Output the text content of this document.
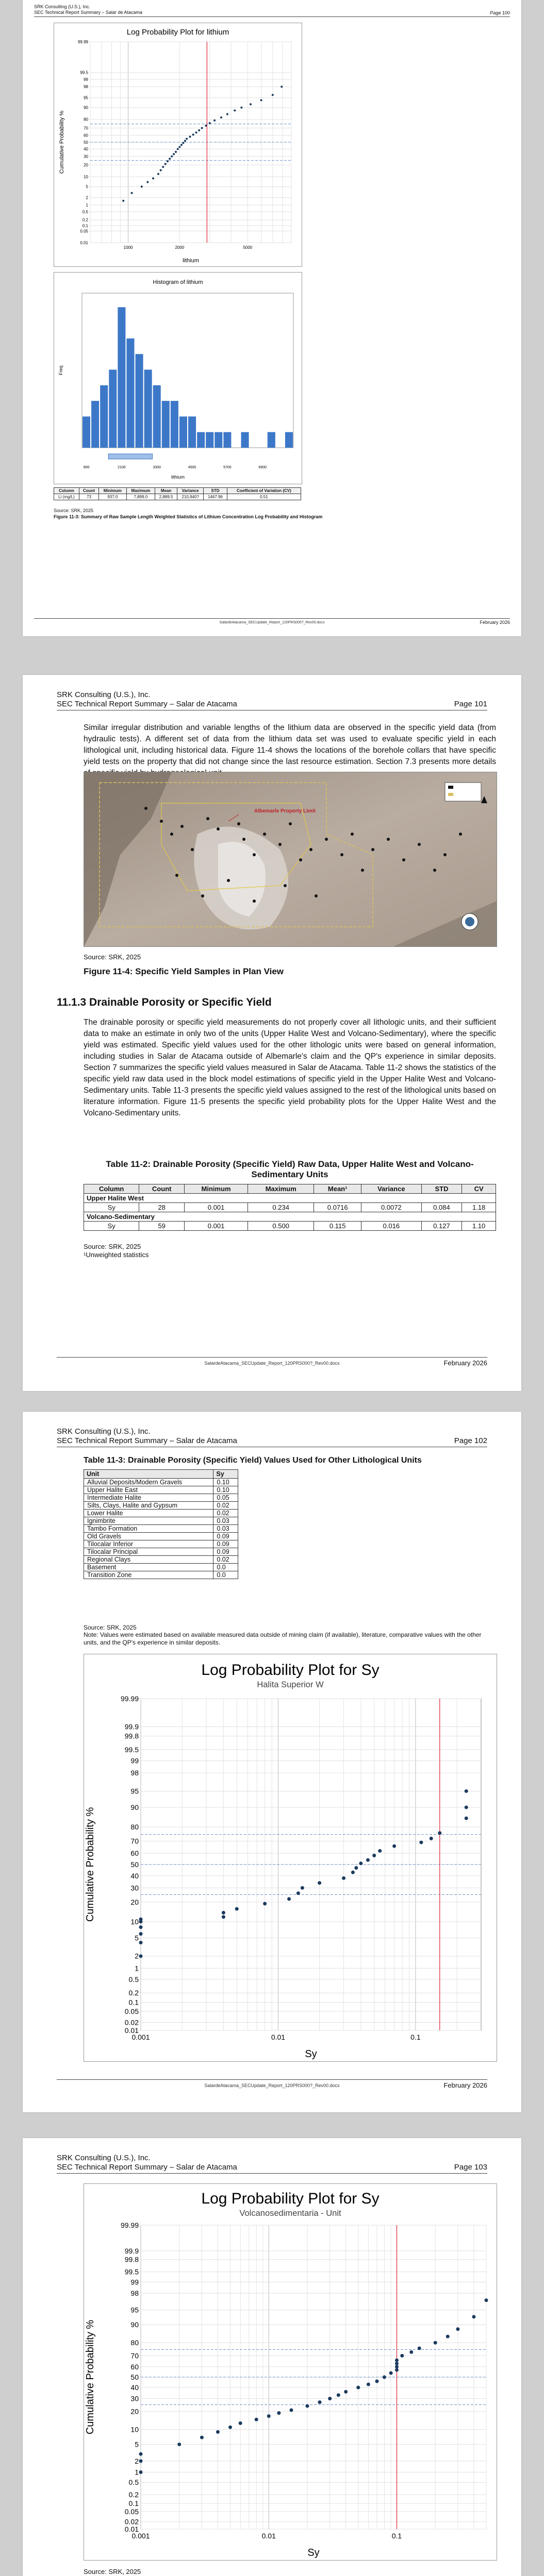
SRK Consulting (U.S.), Inc.
SEC Technical Report Summary – Salar de Atacama	Page 100
Log Probability Plot for lithium
99.99
99.5
99
98
95
90
80
70
60
50
40
30
20
10
5
2
1
0.5
0.2
0.1
0.05
0.01
1000	2000	5000
lithium
Cumulative Probability %
Histogram of lithium
900	2100	3300	4500	5700	6900
lithium
Freq
Column	Count	Minimum	Maximum	Mean	Variance	STD	Coefficient of Variation (CV)
Li (mg/L)	73	937.0	7,899.0	2,889.5	210,940?	1467.96	0.51
Source: SRK, 2025
Figure 11-3: Summary of Raw Sample Length Weighted Statistics of Lithium Concentration Log Probability and Histogram
SalardeAtacama_SECUpdate_Report_120PRS000?_Rev00.docx	February 2026
SRK Consulting (U.S.), Inc.
SEC Technical Report Summary – Salar de Atacama	Page 101
Similar irregular distribution and variable lengths of the lithium data are observed in the specific yield data (from hydraulic tests). A different set of data from the lithium data set was used to evaluate specific yield in each lithological unit, including historical data. Figure 11-4 shows the locations of the borehole collars that have specific yield tests on the property that did not change since the last resource estimation. Section 7.3 presents more details
Albemarle Property Limit
Source: SRK, 2025
Figure 11-4: Specific Yield Samples in Plan View
11.1.3 Drainable Porosity or Specific Yield
The drainable porosity or specific yield measurements do not properly cover all lithologic units, and their sufficient data to make an estimate in only two of the units (Upper Halite West and Volcano-Sedimentary), where the specific yield was estimated. Specific yield values used for the other lithologic units were based on general information, including studies in Salar de Atacama outside of Albemarle's claim and the QP's experience in similar deposits. Section 7 summarizes the specific yield values measured in Salar de Atacama. Table 11-2 shows the statistics of the specific yield raw data used in the block model estimations of specific yield in the Upper Halite West and Volcano-Sedimentary units. Table 11-3 presents the specific yield values assigned to the rest of the lithological units based on literature information. Figure 11-5 presents the specific yield probability plots for the Upper Halite West and the Volcano-Sedimentary units.
Table 11-2: Drainable Porosity (Specific Yield) Raw Data, Upper Halite West and Volcano-Sedimentary Units
Column	Count	Minimum	Maximum	Mean¹	Variance	STD	CV
Upper Halite West							
Sy	28	0.001	0.234	0.0716	0.0072	0.084	1.18
Volcano-Sedimentary							
Sy	59	0.001	0.500	0.115	0.016	0.127	1.10
Source: SRK, 2025
¹Unweighted statistics
SalardeAtacama_SECUpdate_Report_120PRS000?_Rev00.docx	February 2026
SRK Consulting (U.S.), Inc.
SEC Technical Report Summary – Salar de Atacama	Page 102
Table 11-3: Drainable Porosity (Specific Yield) Values Used for Other Lithological Units
Unit	Sy
Alluvial Deposits/Modern Gravels	0.10
Upper Halite East	0.10
Intermediate Halite	0.05
Silts, Clays, Halite and Gypsum	0.02
Lower Halite	0.02
Ignimbrite	0.03
Tambo Formation	0.03
Old Gravels	0.09
Tilocalar Inferior	0.09
Tilocalar Principal	0.09
Regional Clays	0.02
Basement	0.0
Transition Zone	0.0
Source: SRK, 2025
Note: Values were estimated based on available measured data outside of mining claim (if available), literature, comparative values with the other units, and the QP's experience in similar deposits.
Log Probability Plot for Sy
Halita Superior W
99.99
99.9
99.8
99.5
99
98
95
90
80
70
60
50
40
30
20
10
5
2
1
0.5
0.2
0.1
0.05
0.02
0.01
0.001	0.01	0.1
Sy
Cumulative Probability %
SalardeAtacama_SECUpdate_Report_120PRS000?_Rev00.docx	February 2026
SRK Consulting (U.S.), Inc.
SEC Technical Report Summary – Salar de Atacama	Page 103
Log Probability Plot for Sy
Volcanosedimentaria - Unit
99.99
99.9
99.8
99.5
99
98
95
90
80
70
60
50
40
30
20
10
5
2
1
0.5
0.2
0.1
0.05
0.02
0.01
0.001	0.01	0.1
Sy
Cumulative Probability %
Source: SRK, 2025
